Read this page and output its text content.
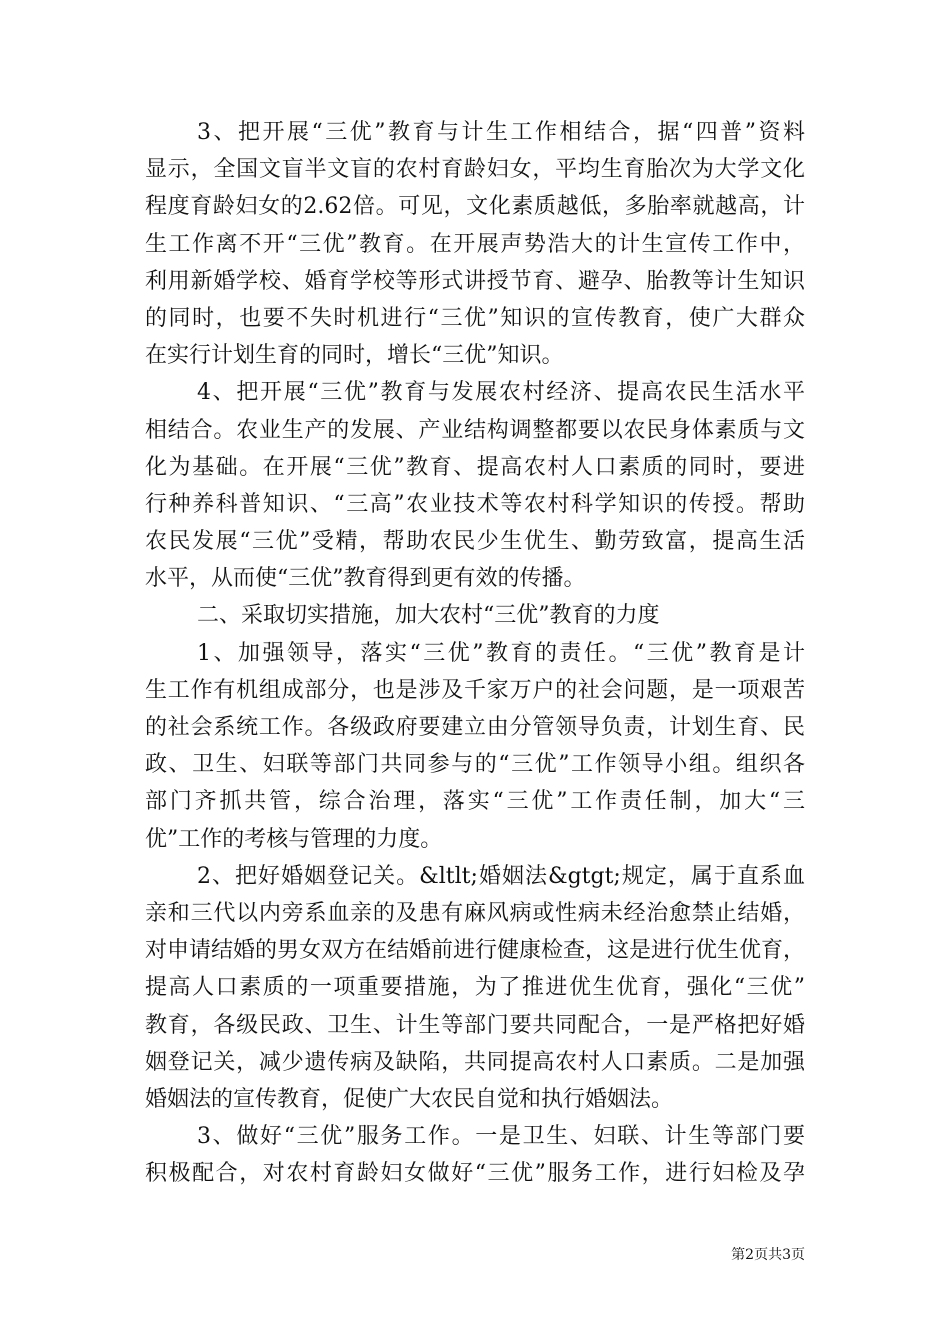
3、把开展“三优”教育与计生工作相结合，据“四普”资料
显示，全国文盲半文盲的农村育龄妇女，平均生育胎次为大学文化
程度育龄妇女的2.62倍。可见，文化素质越低，多胎率就越高，计
生工作离不开“三优”教育。在开展声势浩大的计生宣传工作中，
利用新婚学校、婚育学校等形式讲授节育、避孕、胎教等计生知识
的同时，也要不失时机进行“三优”知识的宣传教育，使广大群众
在实行计划生育的同时，增长“三优”知识。
4、把开展“三优”教育与发展农村经济、提高农民生活水平
相结合。农业生产的发展、产业结构调整都要以农民身体素质与文
化为基础。在开展“三优”教育、提高农村人口素质的同时，要进
行种养科普知识、“三高”农业技术等农村科学知识的传授。帮助
农民发展“三优”受精，帮助农民少生优生、勤劳致富，提高生活
水平，从而使“三优”教育得到更有效的传播。
二、采取切实措施，加大农村“三优”教育的力度
1、加强领导，落实“三优”教育的责任。“三优”教育是计
生工作有机组成部分，也是涉及千家万户的社会问题，是一项艰苦
的社会系统工作。各级政府要建立由分管领导负责，计划生育、民
政、卫生、妇联等部门共同参与的“三优”工作领导小组。组织各
部门齐抓共管，综合治理，落实“三优”工作责任制，加大“三
优”工作的考核与管理的力度。
2、把好婚姻登记关。&ltlt;婚姻法&gtgt;规定，属于直系血
亲和三代以内旁系血亲的及患有麻风病或性病未经治愈禁止结婚，
对申请结婚的男女双方在结婚前进行健康检查，这是进行优生优育，
提高人口素质的一项重要措施，为了推进优生优育，强化“三优”
教育，各级民政、卫生、计生等部门要共同配合，一是严格把好婚
姻登记关，减少遗传病及缺陷，共同提高农村人口素质。二是加强
婚姻法的宣传教育，促使广大农民自觉和执行婚姻法。
3、做好“三优”服务工作。一是卫生、妇联、计生等部门要
积极配合，对农村育龄妇女做好“三优”服务工作，进行妇检及孕
第2页共3页
